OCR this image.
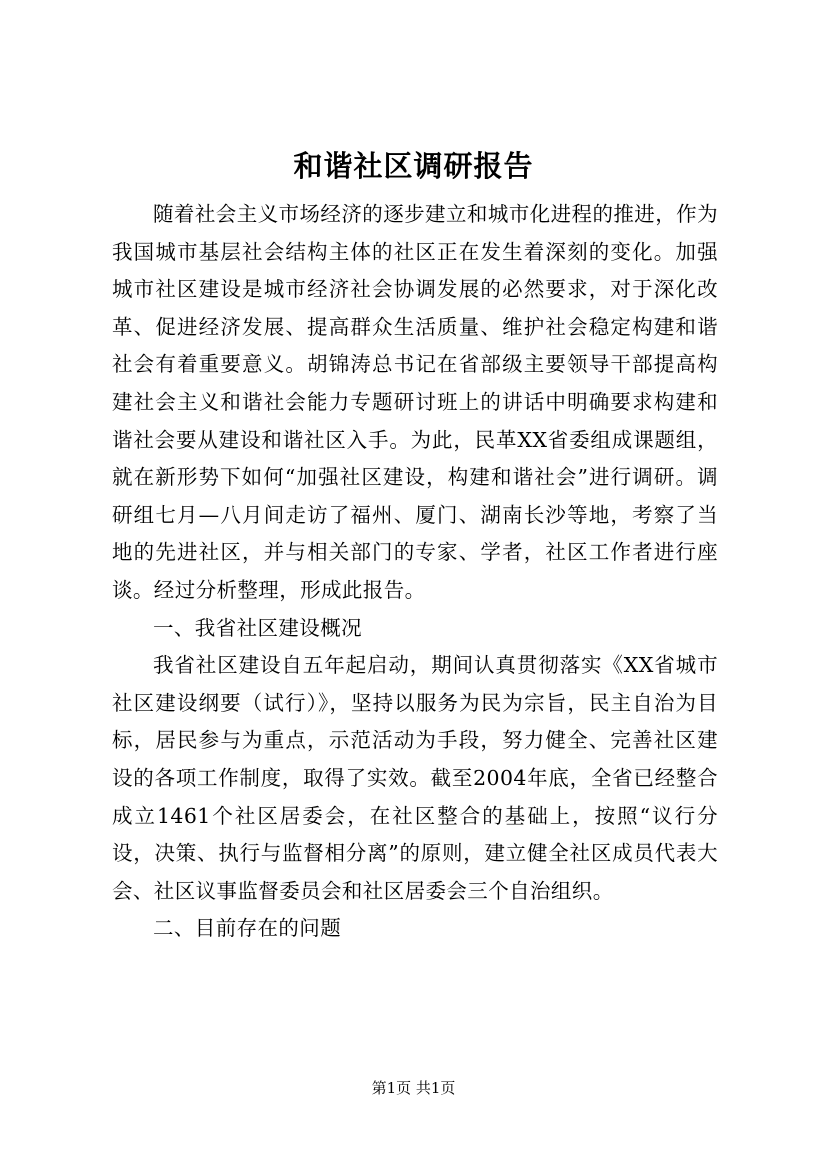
和谐社区调研报告

随着社会主义市场经济的逐步建立和城市化进程的推进，作为我国城市基层社会结构主体的社区正在发生着深刻的变化。加强城市社区建设是城市经济社会协调发展的必然要求，对于深化改革、促进经济发展、提高群众生活质量、维护社会稳定构建和谐社会有着重要意义。胡锦涛总书记在省部级主要领导干部提高构建社会主义和谐社会能力专题研讨班上的讲话中明确要求构建和谐社会要从建设和谐社区入手。为此，民革XX省委组成课题组，就在新形势下如何“加强社区建设，构建和谐社会”进行调研。调研组七月—八月间走访了福州、厦门、湖南长沙等地，考察了当地的先进社区，并与相关部门的专家、学者，社区工作者进行座谈。经过分析整理，形成此报告。

一、我省社区建设概况

我省社区建设自五年起启动，期间认真贯彻落实《XX省城市社区建设纲要（试行）》，坚持以服务为民为宗旨，民主自治为目标，居民参与为重点，示范活动为手段，努力健全、完善社区建设的各项工作制度，取得了实效。截至2004年底，全省已经整合成立1461个社区居委会，在社区整合的基础上，按照“议行分设，决策、执行与监督相分离”的原则，建立健全社区成员代表大会、社区议事监督委员会和社区居委会三个自治组织。

二、目前存在的问题

第1页 共1页
